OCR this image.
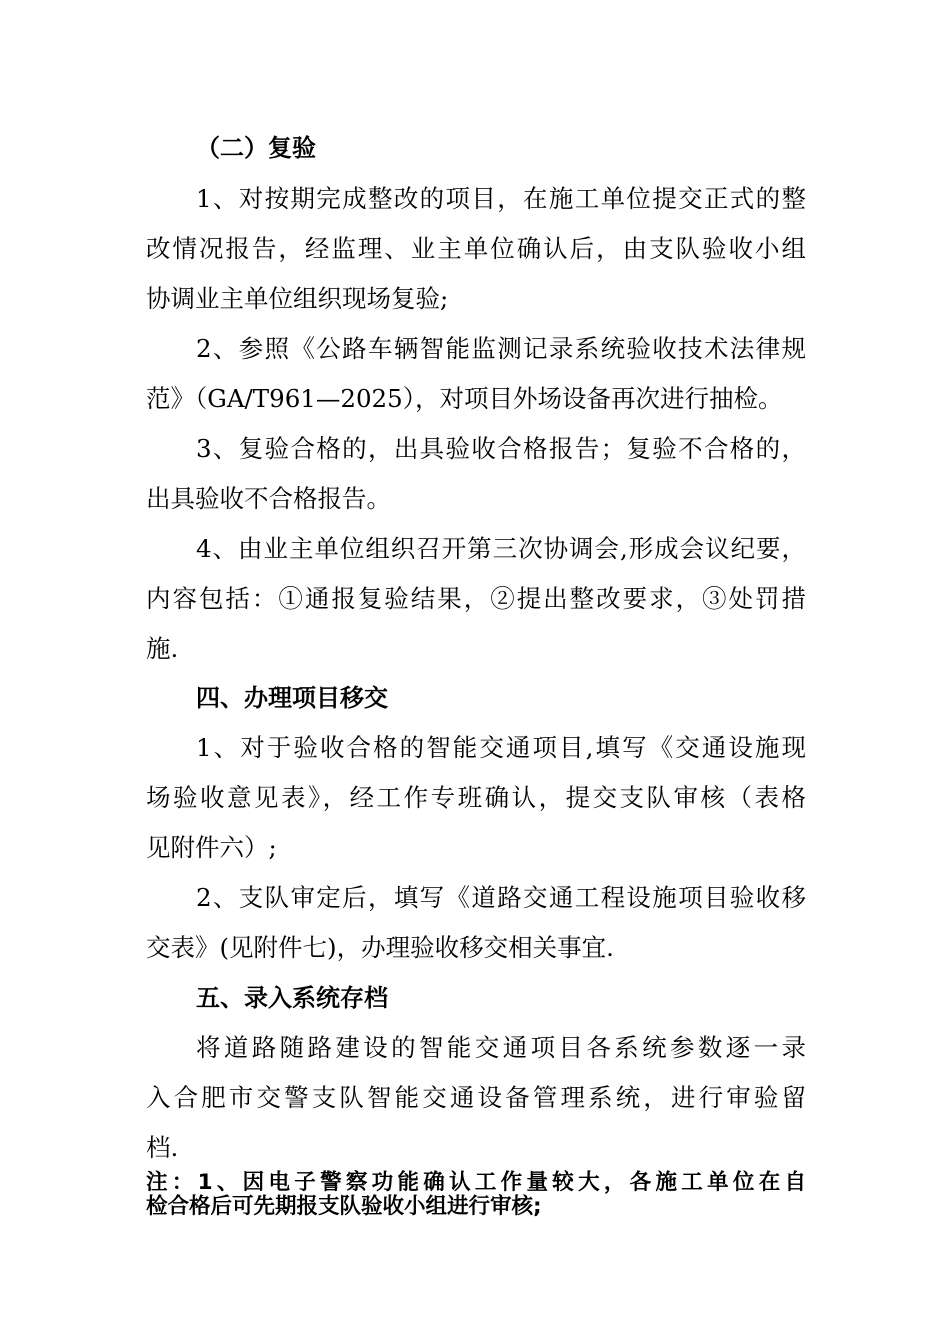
（二）复验
1、对按期完成整改的项目，在施工单位提交正式的整
改情况报告，经监理、业主单位确认后，由支队验收小组
协调业主单位组织现场复验;
2、参照《公路车辆智能监测记录系统验收技术法律规
范》（GA/T961—2025），对项目外场设备再次进行抽检。
3、复验合格的，出具验收合格报告；复验不合格的，
出具验收不合格报告。
4、由业主单位组织召开第三次协调会,形成会议纪要，
内容包括：①通报复验结果，②提出整改要求，③处罚措
施.
四、办理项目移交
1、对于验收合格的智能交通项目,填写《交通设施现
场验收意见表》，经工作专班确认，提交支队审核（表格
见附件六）;
2、支队审定后，填写《道路交通工程设施项目验收移
交表》(见附件七)，办理验收移交相关事宜.
五、录入系统存档
将道路随路建设的智能交通项目各系统参数逐一录
入合肥市交警支队智能交通设备管理系统，进行审验留
档.
注：1、因电子警察功能确认工作量较大，各施工单位在自
检合格后可先期报支队验收小组进行审核;
